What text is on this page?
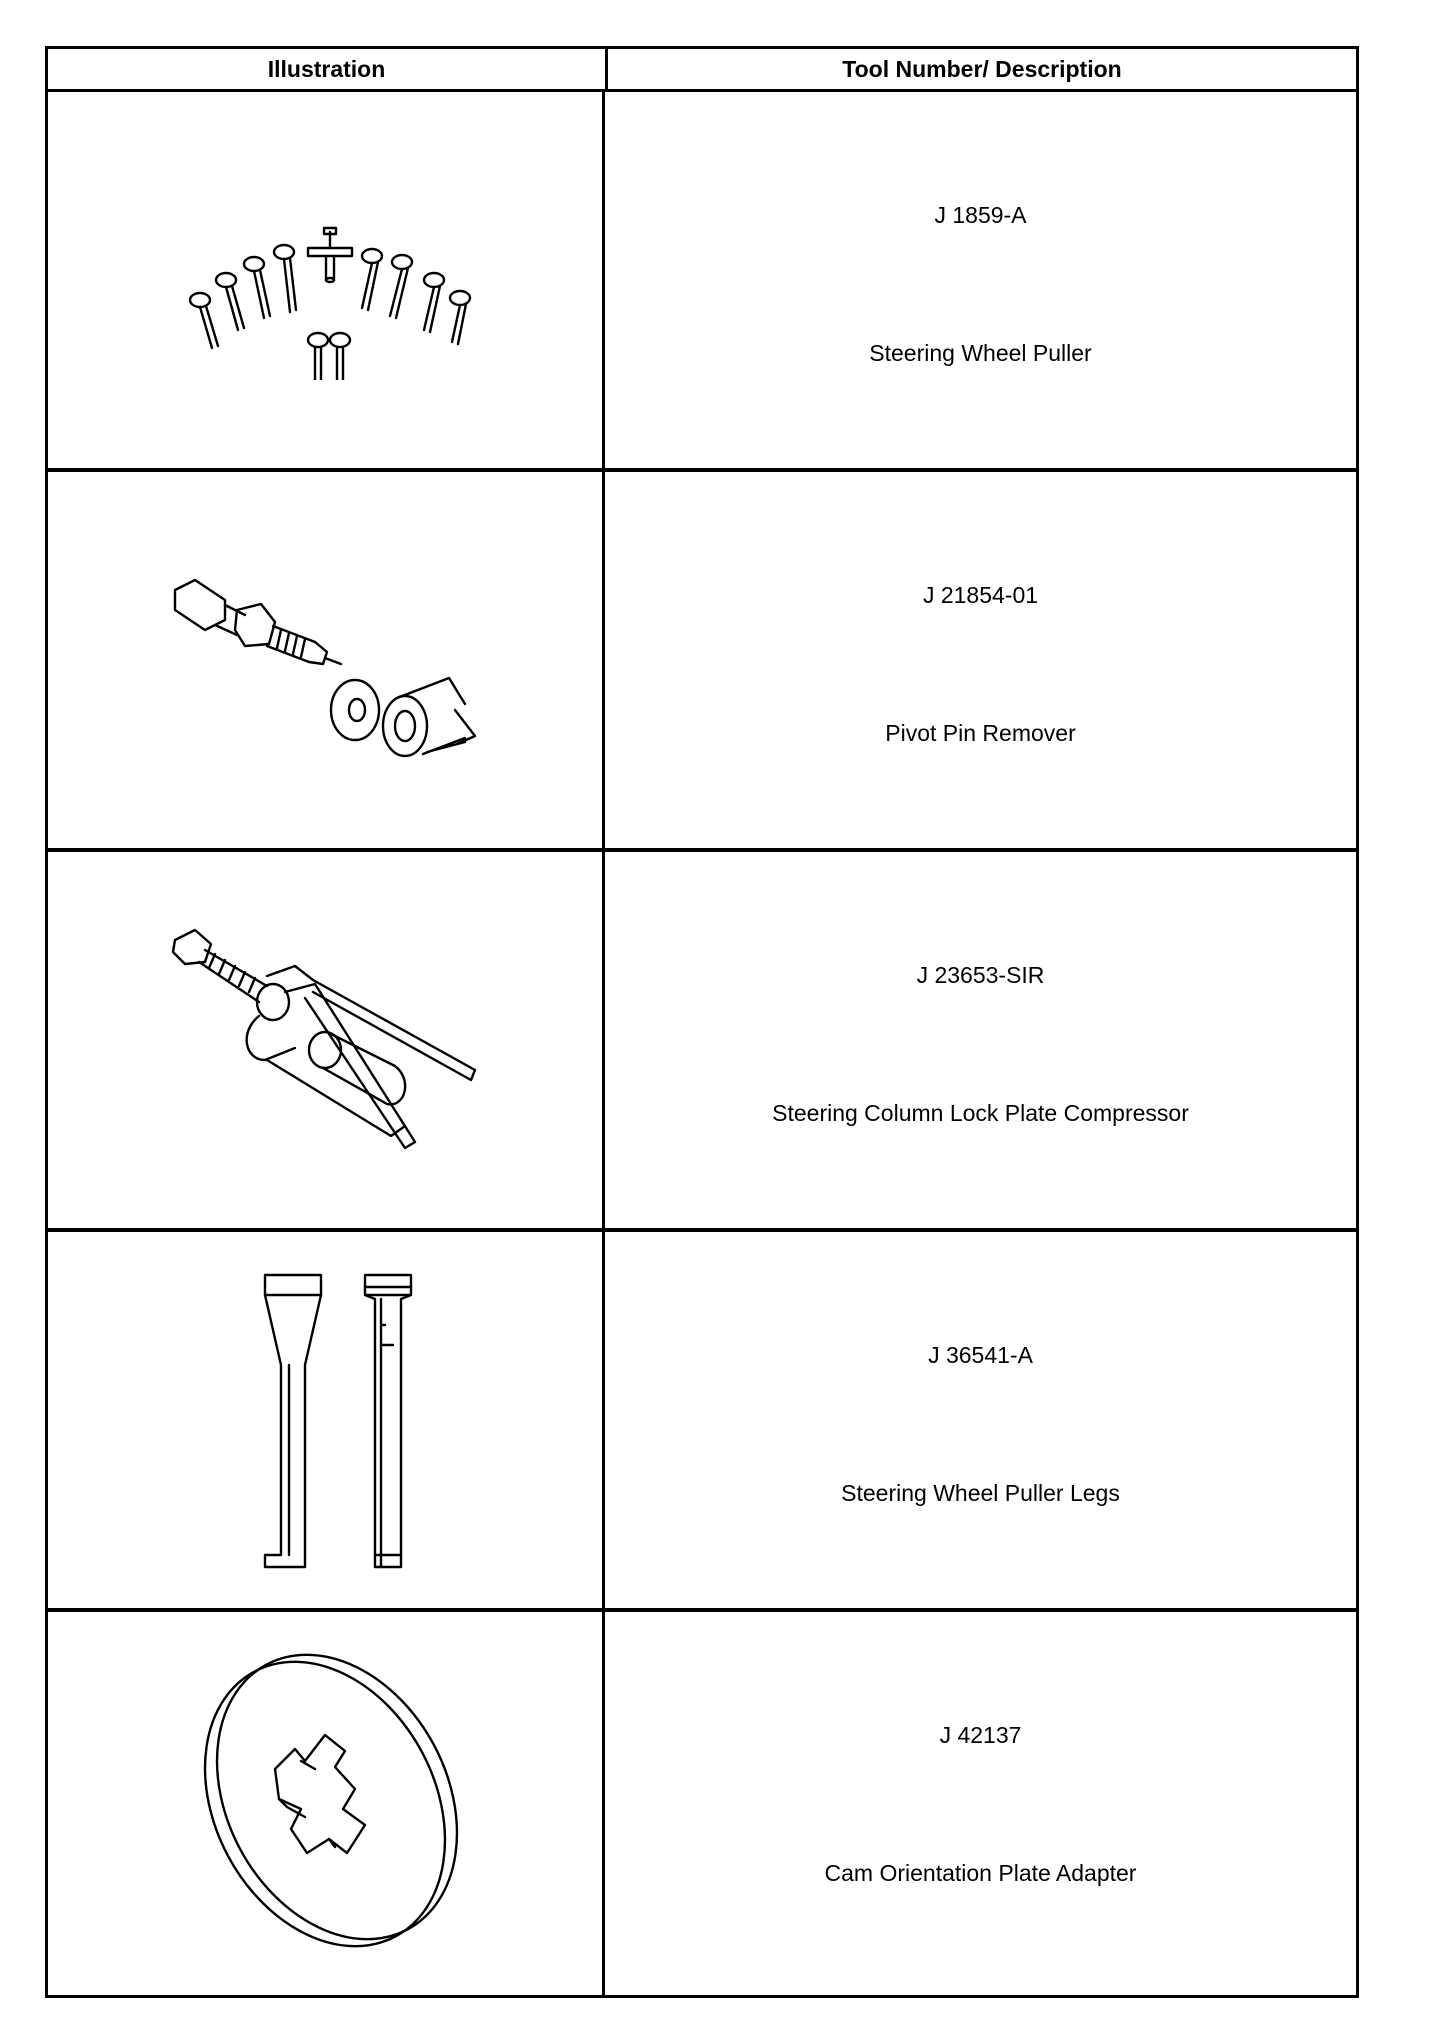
Illustration	Tool Number/ Description
J 1859-A
Steering Wheel Puller
J 21854-01
Pivot Pin Remover
J 23653-SIR
Steering Column Lock Plate Compressor
J 36541-A
Steering Wheel Puller Legs
J 42137
Cam Orientation Plate Adapter
